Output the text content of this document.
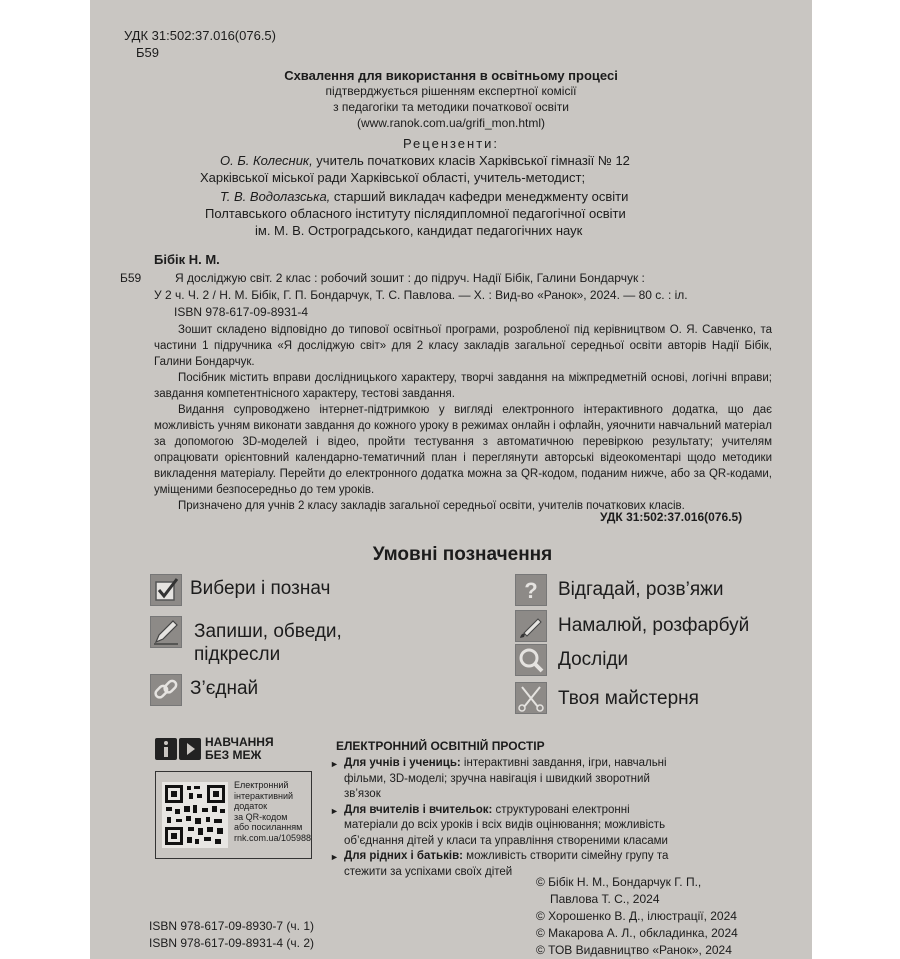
УДК 31:502:37.016(076.5)
Б59
Схвалення для використання в освітньому процесі
підтверджується рішенням експертної комісії
з педагогіки та методики початкової освіти
(www.ranok.com.ua/grifi_mon.html)
Рецензенти:
О. Б. Колесник, учитель початкових класів Харківської гімназії № 12
Харківської міської ради Харківської області, учитель-методист;
Т. В. Водолазська, старший викладач кафедри менеджменту освіти
Полтавського обласного інституту післядипломної педагогічної освіти
ім. М. В. Остроградського, кандидат педагогічних наук
Бібік Н. М.
Б59	Я досліджую світ. 2 клас : робочий зошит : до підруч. Надії Бібік, Галини Бондарчук :
У 2 ч. Ч. 2 / Н. М. Бібік, Г. П. Бондарчук, Т. С. Павлова. — Х. : Вид-во «Ранок», 2024. — 80 с. : іл.
ISBN 978-617-09-8931-4

Зошит складено відповідно до типової освітньої програми, розробленої під керівництвом О. Я. Савченко, та частини 1 підручника «Я досліджую світ» для 2 класу закладів загальної середньої освіти авторів Надії Бібік, Галини Бондарчук.

Посібник містить вправи дослідницького характеру, творчі завдання на міжпредметній основі, логічні вправи; завдання компетентнісного характеру, тестові завдання.

Видання супроводжено інтернет-підтримкою у вигляді електронного інтерактивного додатка, що дає можливість учням виконати завдання до кожного уроку в режимах онлайн і офлайн, уяочнити навчальний матеріал за допомогою 3D-моделей і відео, пройти тестування з автоматичною перевіркою результату; учителям опрацювати орієнтовний календарно-тематичний план і переглянути авторські відеокоментарі щодо методики викладення матеріалу. Перейти до електронного додатка можна за QR-кодом, поданим нижче, або за QR-кодами, уміщеними безпосередньо до тем уроків.

Призначено для учнів 2 класу закладів загальної середньої освіти, учителів початкових класів.

УДК 31:502:37.016(076.5)
Умовні позначення
Вибери і познач
Запиши, обведи,
підкресли
З’єднай
? Відгадай, розв’яжи
Намалюй, розфарбуй
Досліди
Твоя майстерня
НАВЧАННЯ
БЕЗ МЕЖ
Електронний
інтерактивний
додаток
за QR-кодом
або посиланням
rnk.com.ua/105988
ЕЛЕКТРОННИЙ ОСВІТНІЙ ПРОСТІР
► Для учнів і учениць: інтерактивні завдання, ігри, навчальні фільми, 3D-моделі; зручна навігація і швидкий зворотний зв’язок
► Для вчителів і вчительок: структуровані електронні матеріали до всіх уроків і всіх видів оцінювання; можливість об’єднання дітей у класи та управління створеними класами
► Для рідних і батьків: можливість створити сімейну групу та стежити за успіхами своїх дітей
© Бібік Н. М., Бондарчук Г. П.,
Павлова Т. С., 2024
© Хорошенко В. Д., ілюстрації, 2024
© Макарова А. Л., обкладинка, 2024
© ТОВ Видавництво «Ранок», 2024
ISBN 978-617-09-8930-7 (ч. 1)
ISBN 978-617-09-8931-4 (ч. 2)
